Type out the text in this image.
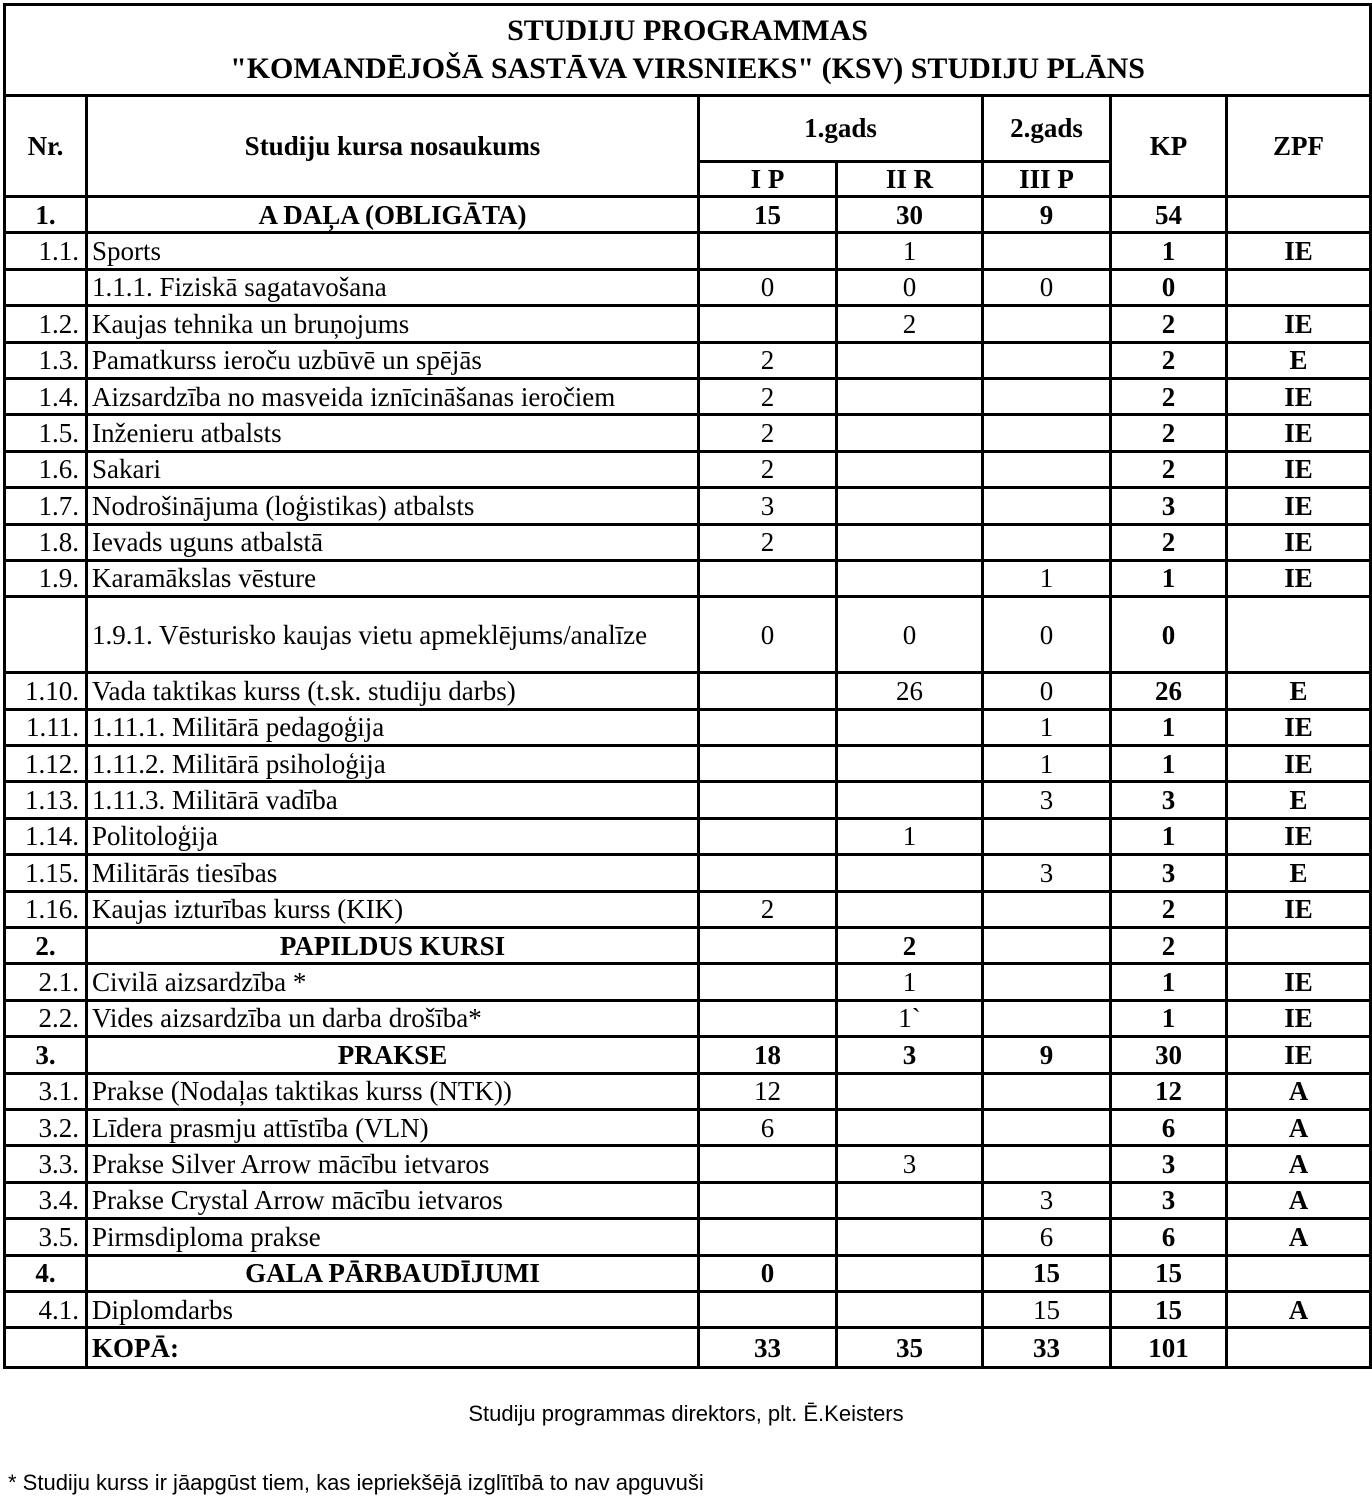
STUDIJU PROGRAMMAS
"KOMANDĒJOŠĀ SASTĀVA VIRSNIEKS" (KSV) STUDIJU PLĀNS						

Nr.	Studiju kursa nosaukums	1.gads		2.gads	KP	ZPF
		I P	II R	III P		
1.	A DAĻA (OBLIGĀTA)	15	30	9	54	
1.1.	Sports		1		1	IE
	1.1.1. Fiziskā sagatavošana	0	0	0	0	
1.2.	Kaujas tehnika un bruņojums		2		2	IE
1.3.	Pamatkurss ieroču uzbūvē un spējās	2			2	E
1.4.	Aizsardzība no masveida iznīcināšanas ieročiem	2			2	IE
1.5.	Inženieru atbalsts	2			2	IE
1.6.	Sakari	2			2	IE
1.7.	Nodrošinājuma (loģistikas) atbalsts	3			3	IE
1.8.	Ievads uguns atbalstā	2			2	IE
1.9.	Karamākslas vēsture			1	1	IE
	1.9.1. Vēsturisko kaujas vietu apmeklējums/analīze	0	0	0	0	
1.10.	Vada taktikas kurss (t.sk. studiju darbs)		26	0	26	E
1.11.	1.11.1. Militārā pedagoģija			1	1	IE
1.12.	1.11.2. Militārā psiholoģija			1	1	IE
1.13.	1.11.3. Militārā vadība			3	3	E
1.14.	Politoloģija		1		1	IE
1.15.	Militārās tiesības			3	3	E
1.16.	Kaujas izturības kurss (KIK)	2			2	IE
2.	PAPILDUS KURSI		2		2	
2.1.	Civilā aizsardzība *		1		1	IE
2.2.	Vides aizsardzība un darba drošība*		1`		1	IE
3.	PRAKSE	18	3	9	30	IE
3.1.	Prakse (Nodaļas taktikas kurss (NTK))	12			12	A
3.2.	Līdera prasmju attīstība (VLN)	6			6	A
3.3.	Prakse Silver Arrow mācību ietvaros		3		3	A
3.4.	Prakse Crystal Arrow mācību ietvaros			3	3	A
3.5.	Pirmsdiploma prakse			6	6	A
4.	GALA PĀRBAUDĪJUMI	0		15	15	
4.1.	Diplomdarbs			15	15	A
	KOPĀ:	33	35	33	101	
Studiju programmas direktors, plt. Ē.Keisters
* Studiju kurss ir jāapgūst tiem, kas iepriekšējā izglītībā to nav apguvuši
